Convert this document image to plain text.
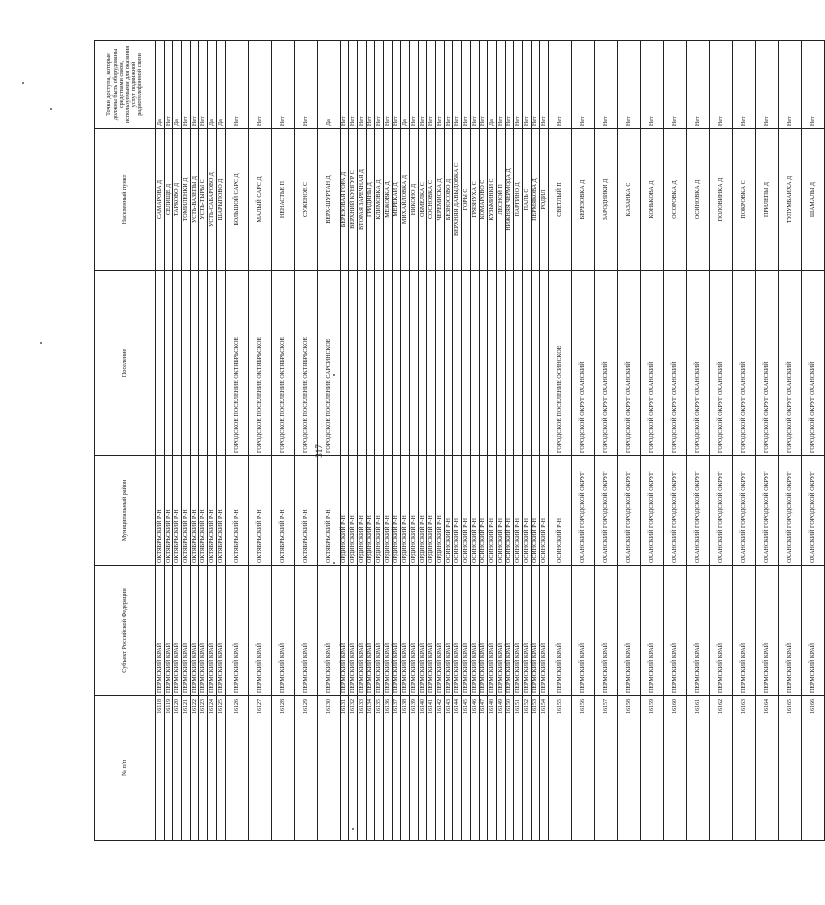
317
№ п/п	Субъект Российской Федерации	Муниципальный район	Поселение	Населенный пункт	Точки доступа, которые должны быть оборудованы средствами связи, используемыми для оказания услуг подвижной радиотелефонной связи
16118	ПЕРМСКИЙ КРАЙ	ОКТЯБРЬСКИЙ Р-Н		САМАРОВА Д	Да
16119	ПЕРМСКИЙ КРАЙ	ОКТЯБРЬСКИЙ Р-Н		СЕЛИЩЕ Д	Нет
16120	ПЕРМСКИЙ КРАЙ	ОКТЯБРЬСКИЙ Р-Н		ТАРКОВО Д	Да
16121	ПЕРМСКИЙ КРАЙ	ОКТЯБРЬСКИЙ Р-Н		ТОМИЛЕНКИ Д	Нет
16122	ПЕРМСКИЙ КРАЙ	ОКТЯБРЬСКИЙ Р-Н		УСТЬ-ВАЗЕПЫ Д	Нет
16123	ПЕРМСКИЙ КРАЙ	ОКТЯБРЬСКИЙ Р-Н		УСТЬ-ТЫРЫ С	Нет
16124	ПЕРМСКИЙ КРАЙ	ОКТЯБРЬСКИЙ Р-Н		УСТЬ-САБАРОВО Д	Да
16125	ПЕРМСКИЙ КРАЙ	ОКТЯБРЬСКИЙ Р-Н		ШАРЫПОВО Д	Да
16126	ПЕРМСКИЙ КРАЙ	ОКТЯБРЬСКИЙ Р-Н	ГОРОДСКОЕ ПОСЕЛЕНИЕ ОКТЯБРЬСКОЕ	БОЛЬШОЙ САРС Д	Нет
16127	ПЕРМСКИЙ КРАЙ	ОКТЯБРЬСКИЙ Р-Н	ГОРОДСКОЕ ПОСЕЛЕНИЕ ОКТЯБРЬСКОЕ	МАЛЫЙ САРС Д	Нет
16128	ПЕРМСКИЙ КРАЙ	ОКТЯБРЬСКИЙ Р-Н	ГОРОДСКОЕ ПОСЕЛЕНИЕ ОКТЯБРЬСКОЕ	НЕНАСТЬЕ П	Нет
16129	ПЕРМСКИЙ КРАЙ	ОКТЯБРЬСКИЙ Р-Н	ГОРОДСКОЕ ПОСЕЛЕНИЕ ОКТЯБРЬСКОЕ	СУЖЕНОЕ С	Нет
16130	ПЕРМСКИЙ КРАЙ	ОКТЯБРЬСКИЙ Р-Н	ГОРОДСКОЕ ПОСЕЛЕНИЕ САРСИНСКОЕ	ВЕРХ-ШУРТАН Д	Да
16131	ПЕРМСКИЙ КРАЙ	ОРДИНСКИЙ Р-Н		БЕРЕЗОВАЯ ГОРА Д	Нет
16132	ПЕРМСКИЙ КРАЙ	ОРДИНСКИЙ Р-Н		ВЕРХНИЙ КУНГУР С	Нет
16133	ПЕРМСКИЙ КРАЙ	ОРДИНСКИЙ Р-Н		ВТОРАЯ ЗАРЕЧНАЯ Д	Нет
16134	ПЕРМСКИЙ КРАЙ	ОРДИНСКИЙ Р-Н		ГРИДИНЫ Д	Нет
16135	ПЕРМСКИЙ КРАЙ	ОРДИНСКИЙ Р-Н		КЛИМОВКА Д	Нет
16136	ПЕРМСКИЙ КРАЙ	ОРДИНСКИЙ Р-Н		МЕЖОВКА Д	Нет
16137	ПЕРМСКИЙ КРАЙ	ОРДИНСКИЙ Р-Н		МЕРЕКАИ Д	Нет
16138	ПЕРМСКИЙ КРАЙ	ОРДИНСКИЙ Р-Н		МИХАЙЛОВКА Д	Да
16139	ПЕРМСКИЙ КРАЙ	ОРДИНСКИЙ Р-Н		НИКОНО Д	Нет
16140	ПЕРМСКИЙ КРАЙ	ОРДИНСКИЙ Р-Н		ОБМЕЛКА С	Нет
16141	ПЕРМСКИЙ КРАЙ	ОРДИНСКИЙ Р-Н		СОСНОВКА С	Нет
16142	ПЕРМСКИЙ КРАЙ	ОРДИНСКИЙ Р-Н		ЧЕРЕМИСКА Д	Нет
16143	ПЕРМСКИЙ КРАЙ	ОСИНСКИЙ Р-Н		БЕЗНОСОВО Д	Нет
16144	ПЕРМСКИЙ КРАЙ	ОСИНСКИЙ Р-Н		ВЕРХНЯЯ ДАВЫДОВКА С	Нет
16145	ПЕРМСКИЙ КРАЙ	ОСИНСКИЙ Р-Н		ГОРЫ С	Нет
16146	ПЕРМСКИЙ КРАЙ	ОСИНСКИЙ Р-Н		ГРЯЗНУХА С	Нет
16147	ПЕРМСКИЙ КРАЙ	ОСИНСКИЙ Р-Н		КОМАРОВО С	Нет
16148	ПЕРМСКИЙ КРАЙ	ОСИНСКИЙ Р-Н		КУЗЬМИНКИ С	Да
16149	ПЕРМСКИЙ КРАЙ	ОСИНСКИЙ Р-Н		ЛЕСНОЙ П	Нет
16150	ПЕРМСКИЙ КРАЙ	ОСИНСКИЙ Р-Н		НИЖНЯЯ ЧЕРМОДА Д	Нет
16151	ПЕРМСКИЙ КРАЙ	ОСИНСКИЙ Р-Н		ПАРГИНО Д	Нет
16152	ПЕРМСКИЙ КРАЙ	ОСИНСКИЙ Р-Н		ПАЛЬ С	Нет
16153	ПЕРМСКИЙ КРАЙ	ОСИНСКИЙ Р-Н		ПЕРМЯКОВА Д	Нет
16154	ПЕРМСКИЙ КРАЙ	ОСИНСКИЙ Р-Н		РОДИЛ	Нет
16155	ПЕРМСКИЙ КРАЙ	ОСИНСКИЙ Р-Н	ГОРОДСКОЕ ПОСЕЛЕНИЕ ОСИНСКОЕ	СВЕТЛЫЙ П	Нет
16156	ПЕРМСКИЙ КРАЙ	ОХАНСКИЙ ГОРОДСКОЙ ОКРУГ	ГОРОДСКОЙ ОКРУГ ОХАНСКИЙ	БЕРЕЗОВКА Д	Нет
16157	ПЕРМСКИЙ КРАЙ	ОХАНСКИЙ ГОРОДСКОЙ ОКРУГ	ГОРОДСКОЙ ОКРУГ ОХАНСКИЙ	ЗАРОДНИКИ Д	Нет
16158	ПЕРМСКИЙ КРАЙ	ОХАНСКИЙ ГОРОДСКОЙ ОКРУГ	ГОРОДСКОЙ ОКРУГ ОХАНСКИЙ	КАЗАНКА С	Нет
16159	ПЕРМСКИЙ КРАЙ	ОХАНСКИЙ ГОРОДСКОЙ ОКРУГ	ГОРОДСКОЙ ОКРУГ ОХАНСКИЙ	КОНЬКОВА Д	Нет
16160	ПЕРМСКИЙ КРАЙ	ОХАНСКИЙ ГОРОДСКОЙ ОКРУГ	ГОРОДСКОЙ ОКРУГ ОХАНСКИЙ	ОСОРОВКА Д	Нет
16161	ПЕРМСКИЙ КРАЙ	ОХАНСКИЙ ГОРОДСКОЙ ОКРУГ	ГОРОДСКОЙ ОКРУГ ОХАНСКИЙ	ОСИНОВКА Д	Нет
16162	ПЕРМСКИЙ КРАЙ	ОХАНСКИЙ ГОРОДСКОЙ ОКРУГ	ГОРОДСКОЙ ОКРУГ ОХАНСКИЙ	ПОЛОВИНКА Д	Нет
16163	ПЕРМСКИЙ КРАЙ	ОХАНСКИЙ ГОРОДСКОЙ ОКРУГ	ГОРОДСКОЙ ОКРУГ ОХАНСКИЙ	ПОКРОВКА С	Нет
16164	ПЕРМСКИЙ КРАЙ	ОХАНСКИЙ ГОРОДСКОЙ ОКРУГ	ГОРОДСКОЙ ОКРУГ ОХАНСКИЙ	ПРИЛЕПЫ Д	Нет
16165	ПЕРМСКИЙ КРАЙ	ОХАНСКИЙ ГОРОДСКОЙ ОКРУГ	ГОРОДСКОЙ ОКРУГ ОХАНСКИЙ	ТУЛУМБАИХА Д	Нет
16166	ПЕРМСКИЙ КРАЙ	ОХАНСКИЙ ГОРОДСКОЙ ОКРУГ	ГОРОДСКОЙ ОКРУГ ОХАНСКИЙ	ШАМАЛЫ Д	Нет
